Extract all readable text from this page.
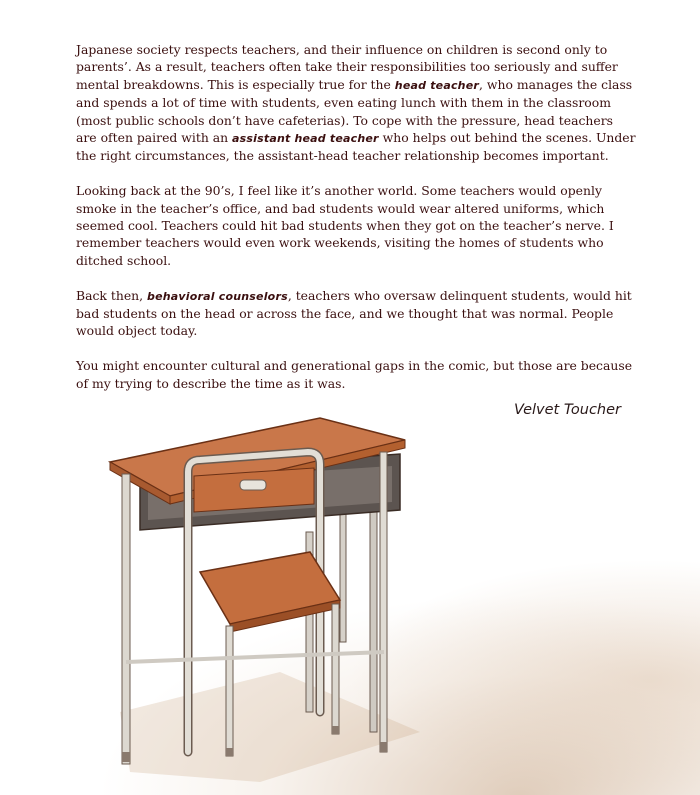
Japanese society respects teachers, and their influence on children is second only to parents’. As a result, teachers often take their responsibilities too seriously and suffer mental breakdowns. This is especially true for the head teacher, who manages the class and spends a lot of time with students, even eating lunch with them in the classroom (most public schools don’t have cafeterias). To cope with the pressure, head teachers are often paired with an assistant head teacher who helps out behind the scenes. Under the right circumstances, the assistant-head teacher relationship becomes important.

Looking back at the 90’s, I feel like it’s another world. Some teachers would openly smoke in the teacher’s office, and bad students would wear altered uniforms, which seemed cool. Teachers could hit bad students when they got on the teacher’s nerve. I remember teachers would even work weekends, visiting the homes of students who ditched school.

Back then, behavioral counselors, teachers who oversaw delinquent students, would hit bad students on the head or across the face, and we thought that was normal. People would object today.

You might encounter cultural and generational gaps in the comic, but those are because of my trying to describe the time as it was.

Velvet Toucher
